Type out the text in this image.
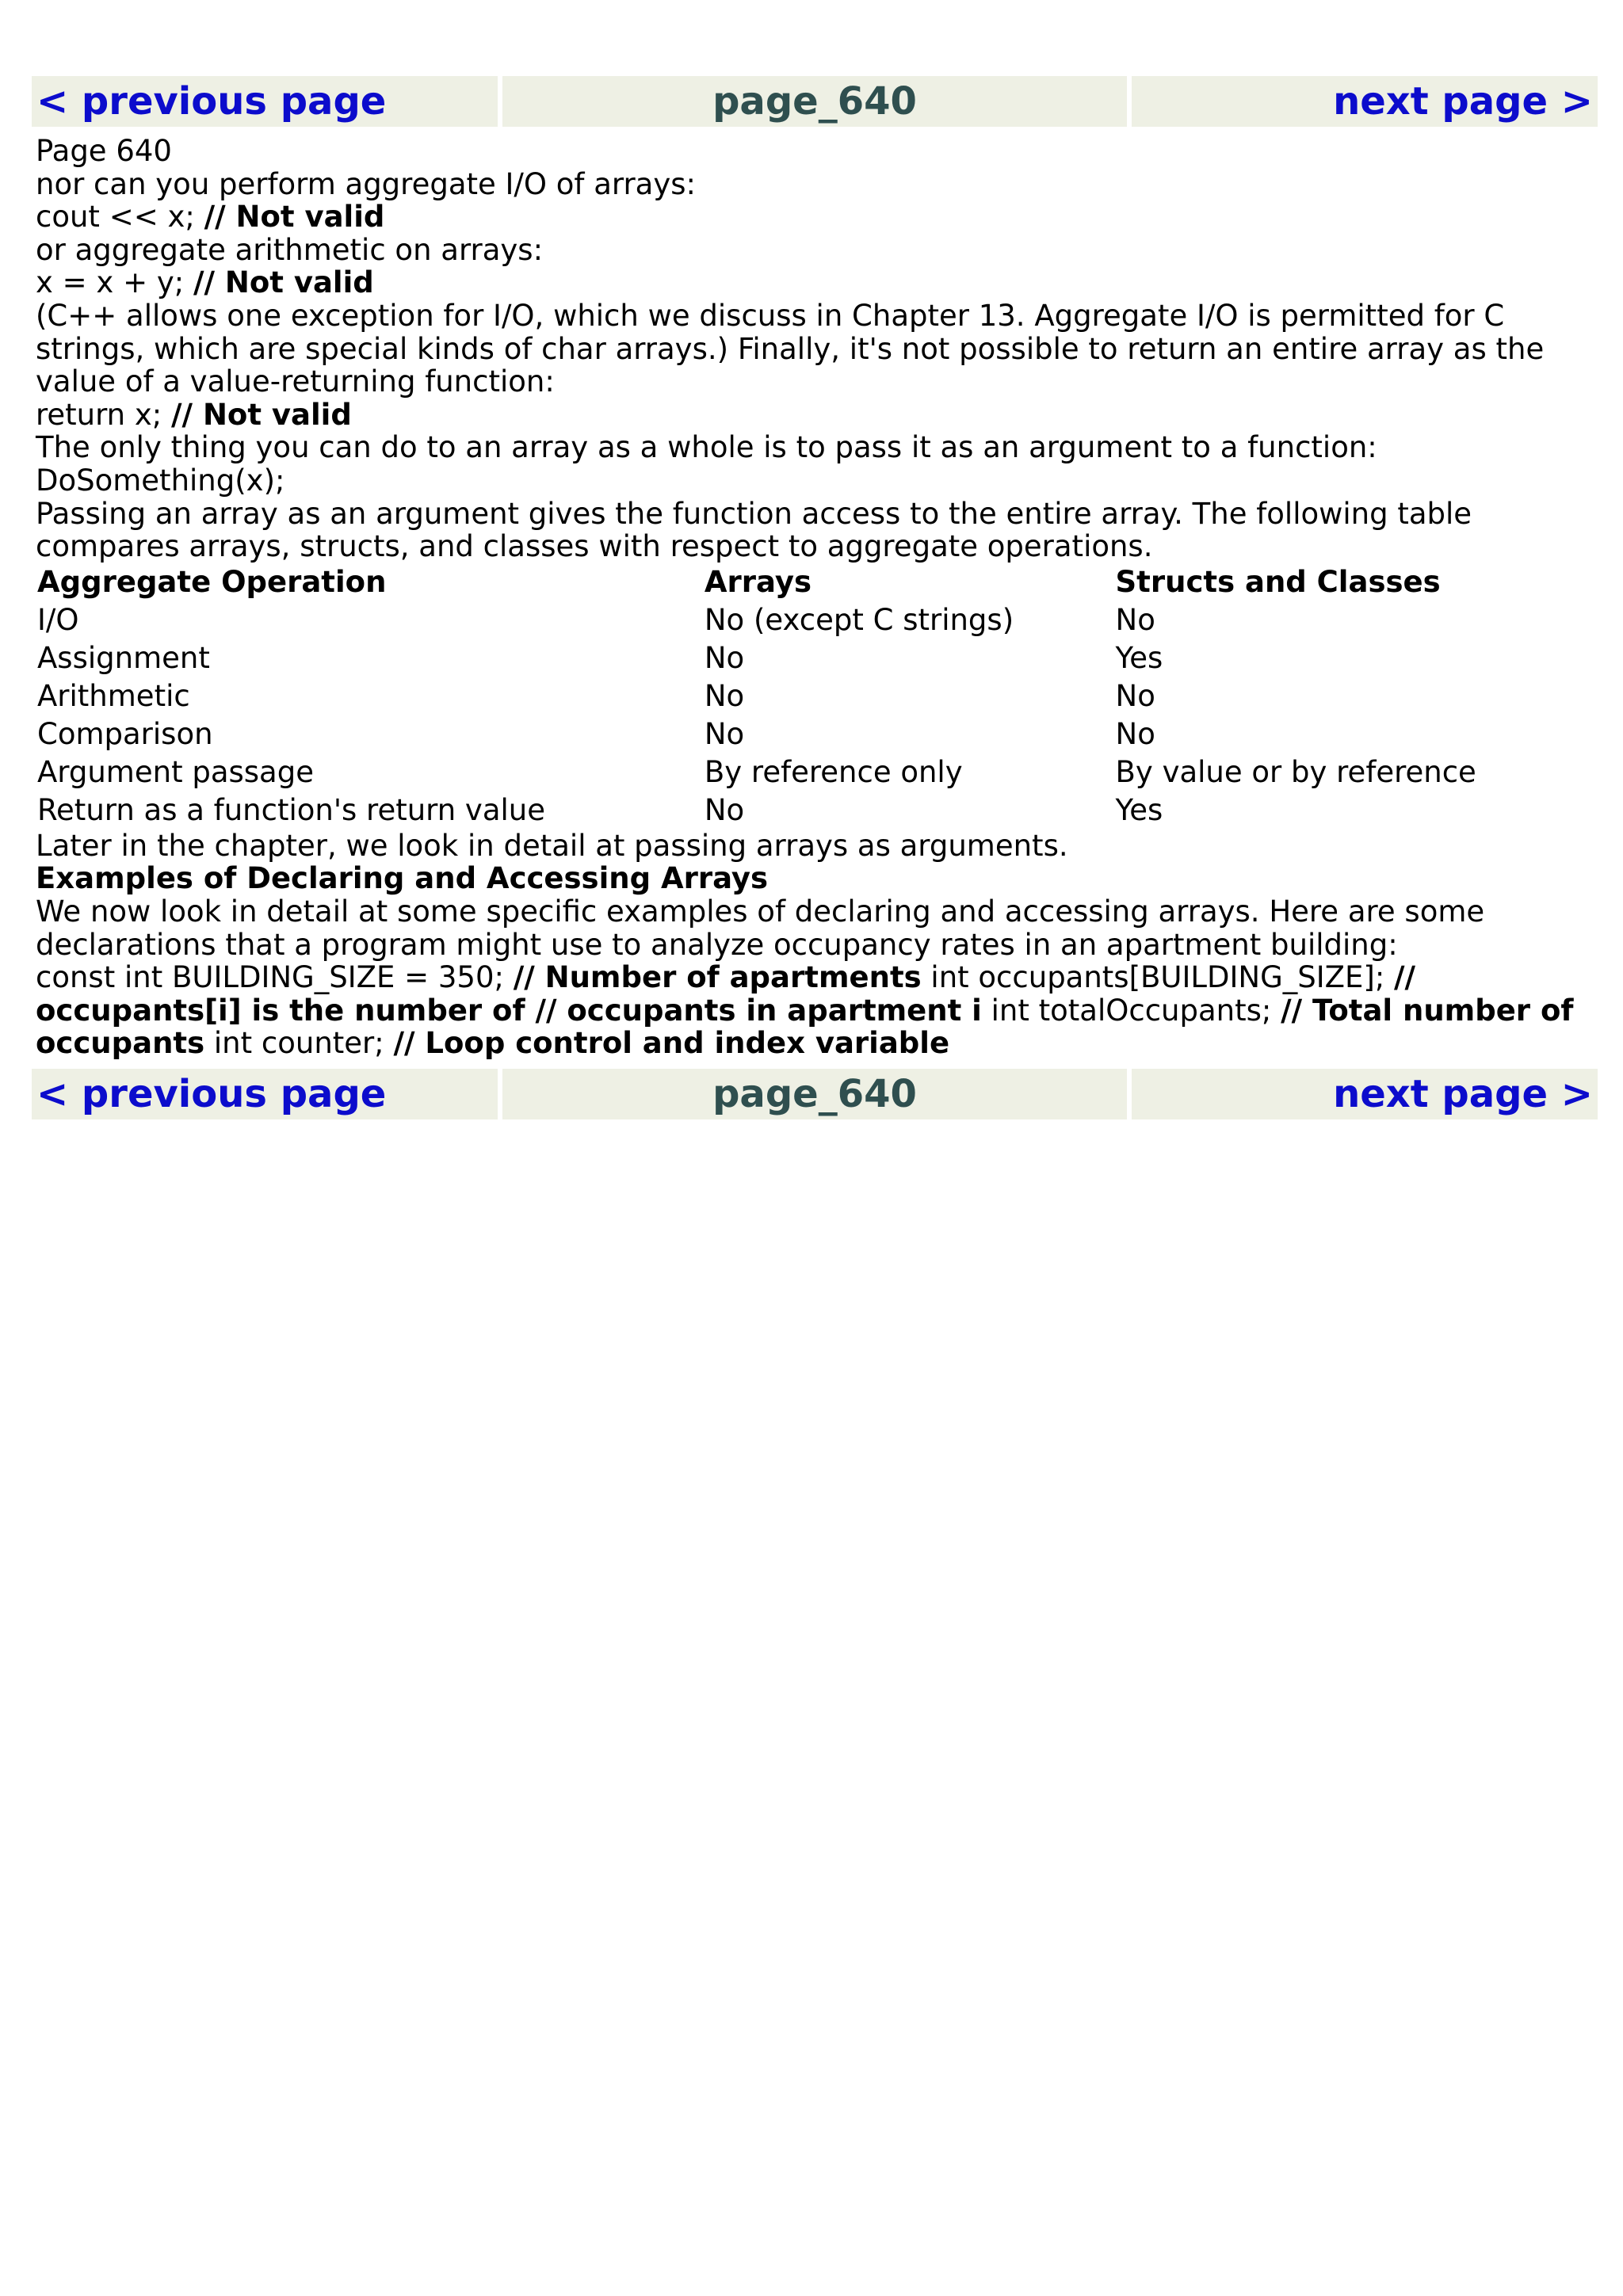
< previous page	page_640	next page >

Page 640

nor can you perform aggregate I/O of arrays:

cout << x; // Not valid

or aggregate arithmetic on arrays:

x = x + y; // Not valid

(C++ allows one exception for I/O, which we discuss in Chapter 13. Aggregate I/O is permitted for C strings, which are special kinds of char arrays.) Finally, it's not possible to return an entire array as the value of a value-returning function:

return x; // Not valid

The only thing you can do to an array as a whole is to pass it as an argument to a function:

DoSomething(x);

Passing an array as an argument gives the function access to the entire array. The following table compares arrays, structs, and classes with respect to aggregate operations.

Aggregate Operation	Arrays	Structs and Classes
I/O	No (except C strings)	No
Assignment	No	Yes
Arithmetic	No	No
Comparison	No	No
Argument passage	By reference only	By value or by reference
Return as a function's return value	No	Yes

Later in the chapter, we look in detail at passing arrays as arguments.

Examples of Declaring and Accessing Arrays

We now look in detail at some specific examples of declaring and accessing arrays. Here are some declarations that a program might use to analyze occupancy rates in an apartment building:

const int BUILDING_SIZE = 350; // Number of apartments int occupants[BUILDING_SIZE]; // occupants[i] is the number of // occupants in apartment i int totalOccupants; // Total number of occupants int counter; // Loop control and index variable

< previous page	page_640	next page >
